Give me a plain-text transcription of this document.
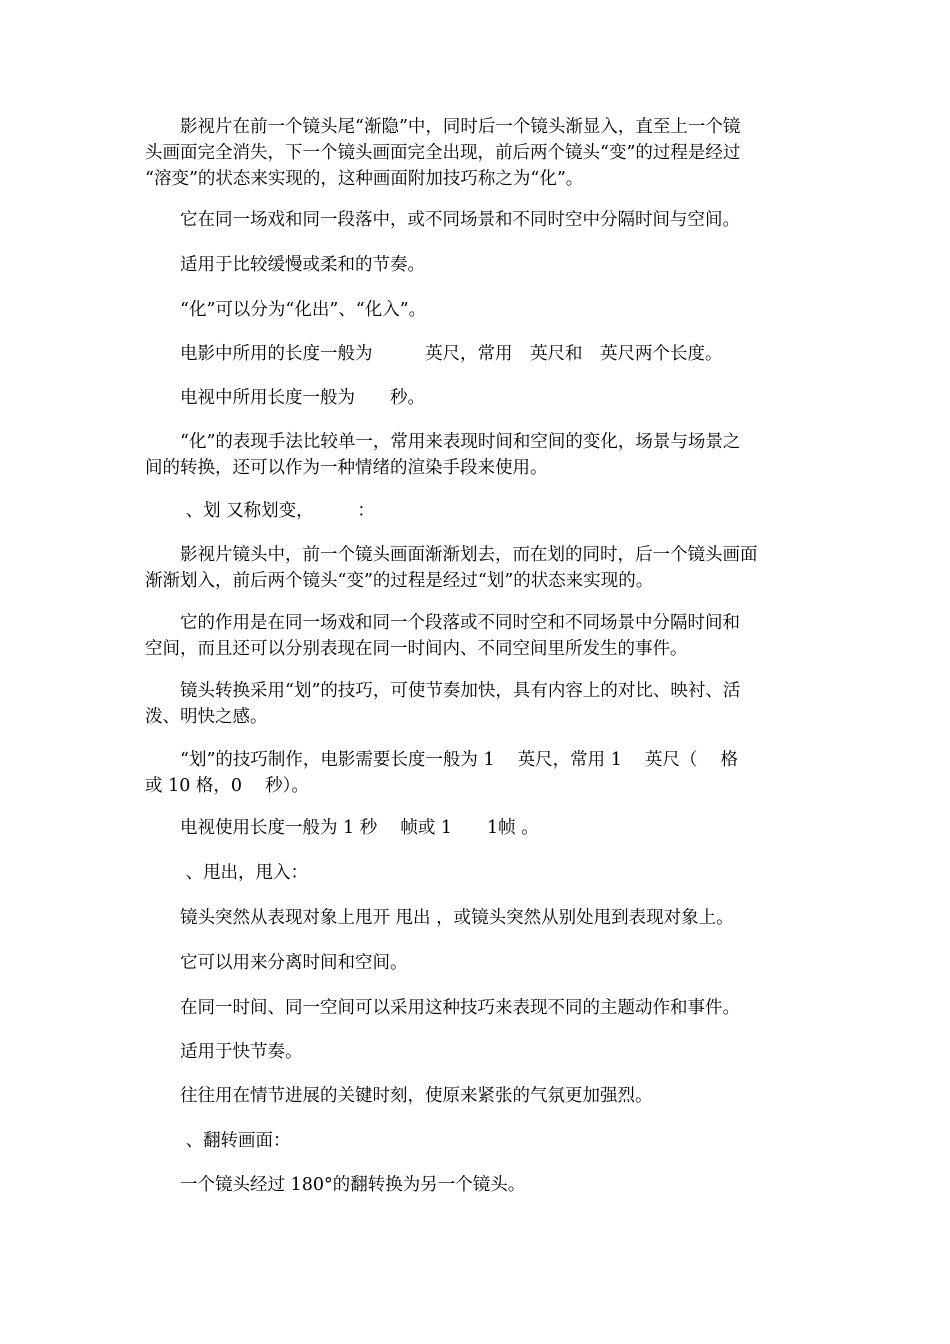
　　影视片在前一个镜头尾“渐隐”中，同时后一个镜头渐显入，直至上一个镜
头画面完全消失，下一个镜头画面完全出现，前后两个镜头“变”的过程是经过
“溶变”的状态来实现的，这种画面附加技巧称之为“化”。
　　它在同一场戏和同一段落中，或不同场景和不同时空中分隔时间与空间。
　　适用于比较缓慢或柔和的节奏。
　　“化”可以分为“化出”、“化入”。
　　电影中所用的长度一般为　　　英尺，常用　英尺和　英尺两个长度。
　　电视中所用长度一般为　　秒。
　　“化”的表现手法比较单一，常用来表现时间和空间的变化，场景与场景之
间的转换，还可以作为一种情绪的渲染手段来使用。
　　 、划 又称划变，　　　：
　　影视片镜头中，前一个镜头画面渐渐划去，而在划的同时，后一个镜头画面
渐渐划入，前后两个镜头“变”的过程是经过“划”的状态来实现的。
　　它的作用是在同一场戏和同一个段落或不同时空和不同场景中分隔时间和
空间，而且还可以分别表现在同一时间内、不同空间里所发生的事件。
　　镜头转换采用“划”的技巧，可使节奏加快，具有内容上的对比、映衬、活
泼、明快之感。
　　“划”的技巧制作，电影需要长度一般为 1　 英尺，常用 1　 英尺（　 格
或 10 格，0　 秒）。
　　电视使用长度一般为 1 秒　 帧或 1　　1帧 。
　　 、甩出，甩入：
　　镜头突然从表现对象上甩开 甩出 ，或镜头突然从别处甩到表现对象上。
　　它可以用来分离时间和空间。
　　在同一时间、同一空间可以采用这种技巧来表现不同的主题动作和事件。
　　适用于快节奏。
　　往往用在情节进展的关键时刻，使原来紧张的气氛更加强烈。
　　 、翻转画面：
　　一个镜头经过 180°的翻转换为另一个镜头。
